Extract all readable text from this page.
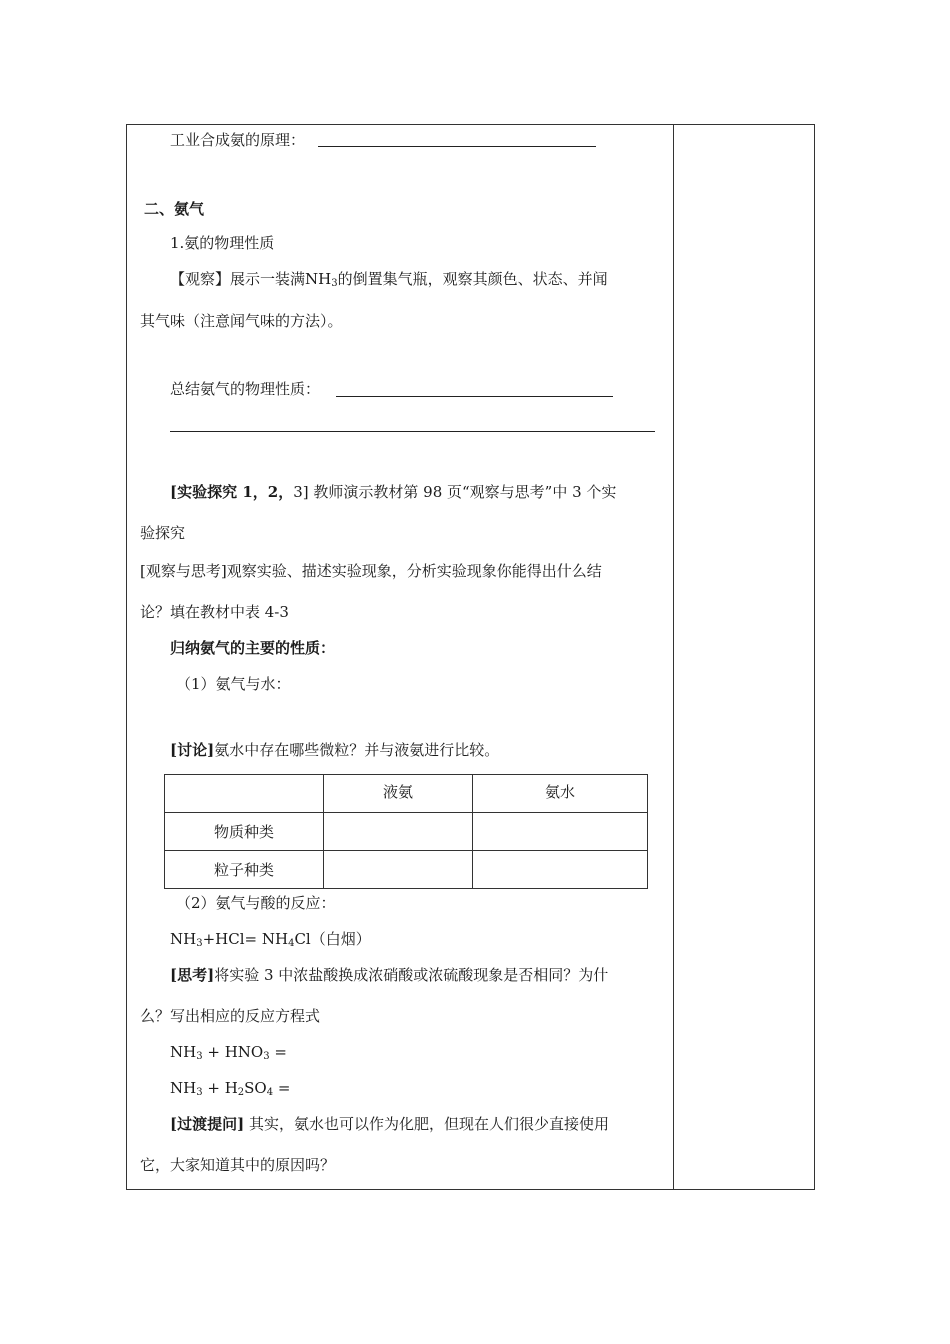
工业合成氨的原理：
二、氨气
1.氨的物理性质
【观察】展示一装满$NH_3$的倒置集气瓶，观察其颜色、状态、并闻
其气味（注意闻气味的方法）。
总结氨气的物理性质：
[实验探究 1，2，3] 教师演示教材第 98 页“观察与思考”中 3 个实
验探究
[观察与思考]观察实验、描述实验现象，分析实验现象你能得出什么结
论？填在教材中表 4-3
归纳氨气的主要的性质：
（1）氨气与水：
[讨论]氨水中存在哪些微粒？并与液氨进行比较。
	液氨	氨水
物质种类		
粒子种类		
（2）氨气与酸的反应：
$NH_3+HCl= NH_4Cl$（白烟）
[思考]将实验 3 中浓盐酸换成浓硝酸或浓硫酸现象是否相同？为什
么？写出相应的反应方程式
$NH_3 + HNO_3$ =
$NH_3 + H_2SO_4$ =
[过渡提问] 其实，氨水也可以作为化肥，但现在人们很少直接使用
它，大家知道其中的原因吗？
